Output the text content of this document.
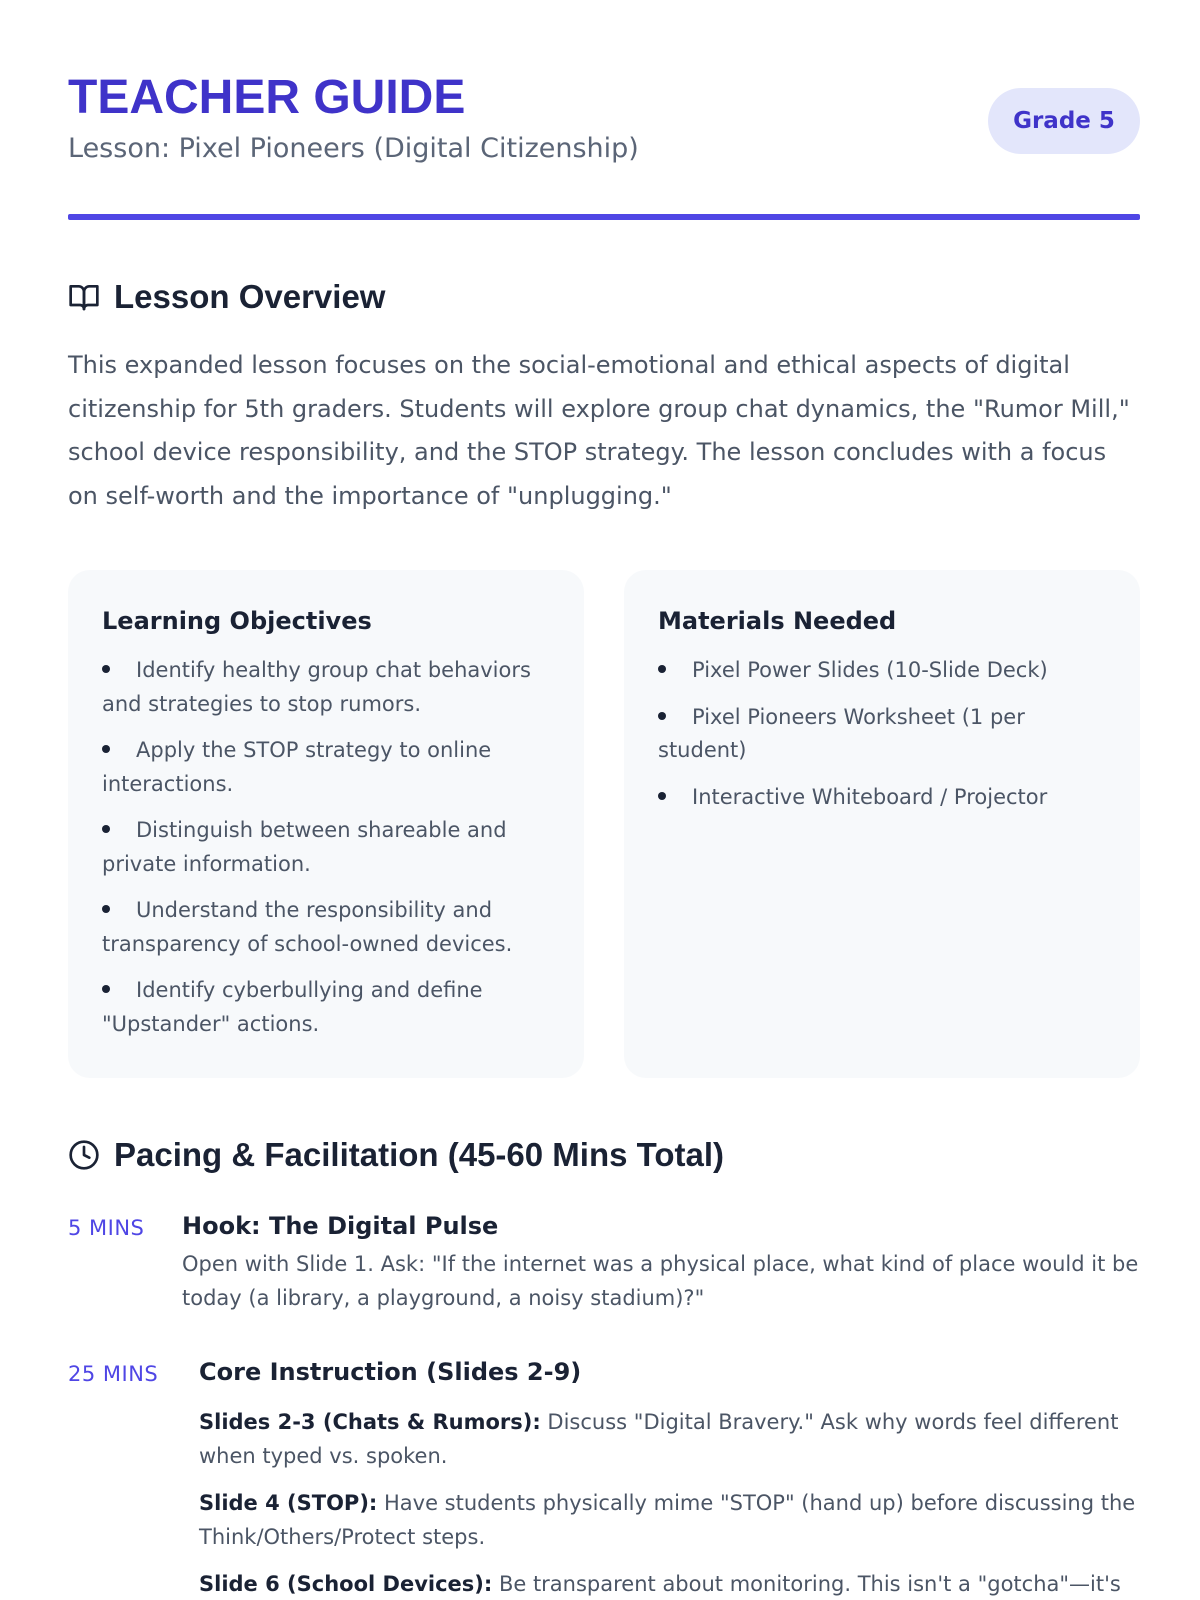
TEACHER GUIDE
Lesson: Pixel Pioneers (Digital Citizenship)
Grade 5
Lesson Overview

This expanded lesson focuses on the social-emotional and ethical aspects of digital citizenship for 5th graders. Students will explore group chat dynamics, the "Rumor Mill," school device responsibility, and the STOP strategy. The lesson concludes with a focus on self-worth and the importance of "unplugging."

Learning Objectives
Identify healthy group chat behaviors and strategies to stop rumors.
Apply the STOP strategy to online interactions.
Distinguish between shareable and private information.
Understand the responsibility and transparency of school-owned devices.
Identify cyberbullying and define "Upstander" actions.
Materials Needed
Pixel Power Slides (10-Slide Deck)
Pixel Pioneers Worksheet (1 per student)
Interactive Whiteboard / Projector
Pacing & Facilitation (45-60 Mins Total)
5 MINS Hook: The Digital Pulse

Open with Slide 1. Ask: "If the internet was a physical place, what kind of place would it be today (a library, a playground, a noisy stadium)?"

25 MINS Core Instruction (Slides 2-9)

Slides 2-3 (Chats & Rumors): Discuss "Digital Bravery." Ask why words feel different when typed vs. spoken.

Slide 4 (STOP): Have students physically mime "STOP" (hand up) before discussing the Think/Others/Protect steps.

Slide 6 (School Devices): Be transparent about monitoring. This isn't a "gotcha"—it's
